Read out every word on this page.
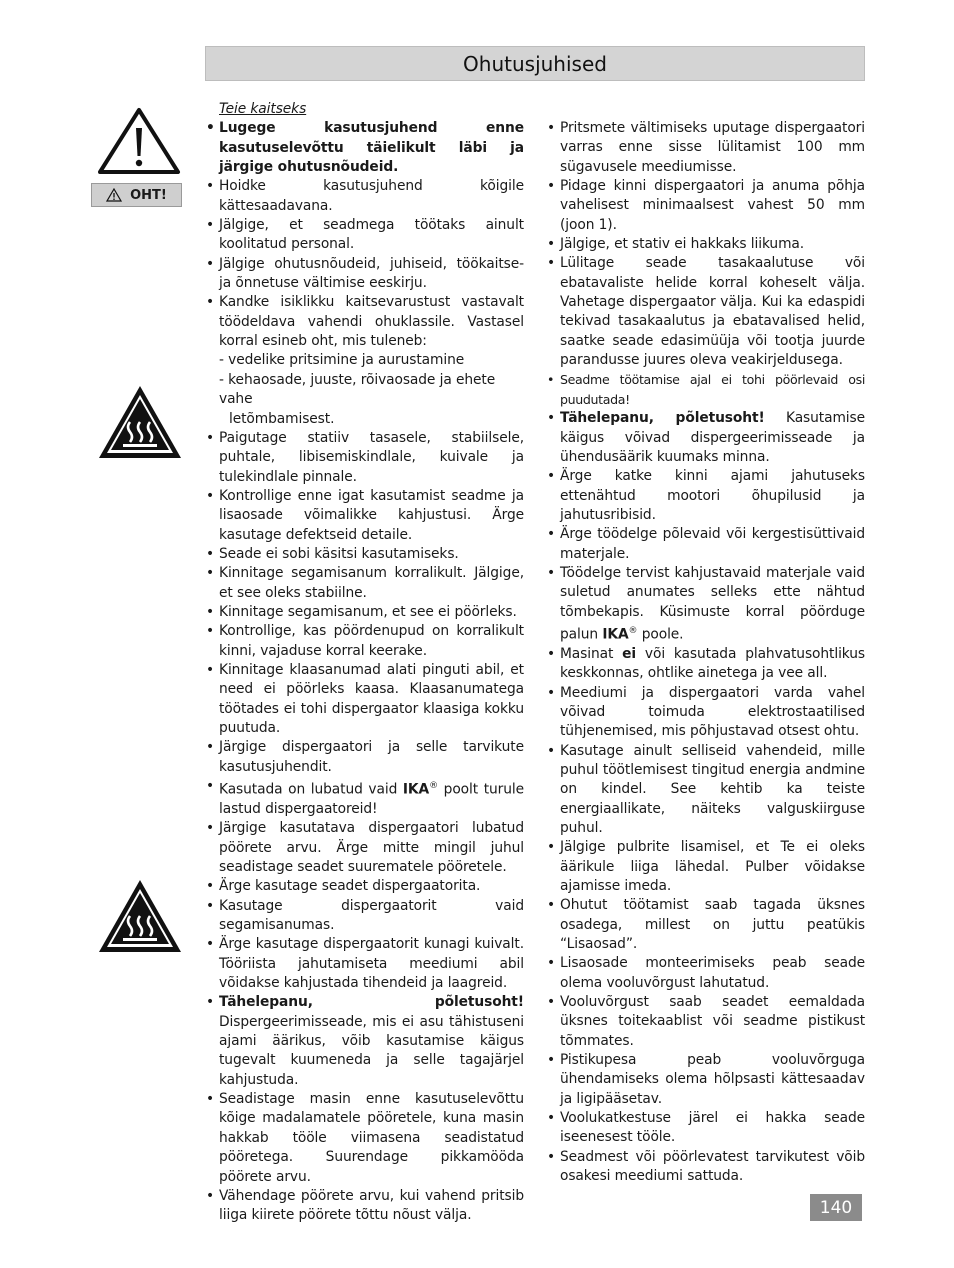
Ohutusjuhised
OHT!

Teie kaitseks

• Lugege kasutusjuhend enne kasutuselevõttu täielikult läbi ja järgige ohutusnõudeid.

• Hoidke kasutusjuhend kõigile kättesaadavana.

• Jälgige, et seadmega töötaks ainult koolitatud personal.

• Jälgige ohutusnõudeid, juhiseid, töökaitse- ja õnnetuse vältimise eeskirju.

• Kandke isiklikku kaitsevarustust vastavalt töödeldava vahendi ohuklassile. Vastasel korral esineb oht, mis tuleneb:

- vedelike pritsimine ja aurustamine

- kehaosade, juuste, rõivaosade ja ehete vahe

letõmbamisest.

• Paigutage statiiv tasasele, stabiilsele, puhtale, libisemiskindlale, kuivale ja tulekindlale pinnale.

• Kontrollige enne igat kasutamist seadme ja lisaosade võimalikke kahjustusi. Ärge kasutage defektseid detaile.

• Seade ei sobi käsitsi kasutamiseks.

• Kinnitage segamisanum korralikult. Jälgige, et see oleks stabiilne.

• Kinnitage segamisanum, et see ei pöörleks.

• Kontrollige, kas pöördenupud on korralikult kinni, vajaduse korral keerake.

• Kinnitage klaasanumad alati pinguti abil, et need ei pöörleks kaasa. Klaasanumatega töötades ei tohi dispergaator klaasiga kokku puutuda.

• Järgige dispergaatori ja selle tarvikute kasutusjuhendit.

• Kasutada on lubatud vaid IKA® poolt turule lastud dispergaatoreid!

• Järgige kasutatava dispergaatori lubatud pöörete arvu. Ärge mitte mingil juhul seadistage seadet suurematele pööretele.

• Ärge kasutage seadet dispergaatorita.

• Kasutage dispergaatorit vaid segamisanumas.

• Ärge kasutage dispergaatorit kunagi kuivalt. Tööriista jahutamiseta meediumi abil võidakse kahjustada tihendeid ja laagreid.

• Tähelepanu, põletusoht! Dispergeerimisseade, mis ei asu tähistuseni ajami äärikus, võib kasutamise käigus tugevalt kuumeneda ja selle tagajärjel kahjustuda.

• Seadistage masin enne kasutuselevõttu kõige madalamatele pööretele, kuna masin hakkab tööle viimasena seadistatud pööretega. Suurendage pikkamööda pöörete arvu.

• Vähendage pöörete arvu, kui vahend pritsib liiga kiirete pöörete tõttu nõust välja.

• Pritsmete vältimiseks uputage dispergaatori varras enne sisse lülitamist 100 mm sügavusele meediumisse.

• Pidage kinni dispergaatori ja anuma põhja vahelisest minimaalsest vahest 50 mm (joon 1).

• Jälgige, et stativ ei hakkaks liikuma.

• Lülitage seade tasakaalutuse või ebatavaliste helide korral koheselt välja. Vahetage dispergaator välja. Kui ka edaspidi tekivad tasakaalutus ja ebatavalised helid, saatke seade edasimüüja või tootja juurde parandusse juures oleva veakirjeldusega.

• Seadme töötamise ajal ei tohi pöörlevaid osi puudutada!

• Tähelepanu, põletusoht! Kasutamise käigus võivad dispergeerimisseade ja ühendusäärik kuumaks minna.

• Ärge katke kinni ajami jahutuseks ettenähtud mootori õhupilusid ja jahutusribisid.

• Ärge töödelge põlevaid või kergestisüttivaid materjale.

• Töödelge tervist kahjustavaid materjale vaid suletud anumates selleks ette nähtud tõmbekapis. Küsimuste korral pöörduge palun IKA® poole.

• Masinat ei või kasutada plahvatusohtlikus keskkonnas, ohtlike ainetega ja vee all.

• Meediumi ja dispergaatori varda vahel võivad toimuda elektrostaatilised tühjenemised, mis põhjustavad otsest ohtu.

• Kasutage ainult selliseid vahendeid, mille puhul töötlemisest tingitud energia andmine on kindel. See kehtib ka teiste energiaallikate, näiteks valguskiirguse puhul.

• Jälgige pulbrite lisamisel, et Te ei oleks äärikule liiga lähedal. Pulber võidakse ajamisse imeda.

• Ohutut töötamist saab tagada üksnes osadega, millest on juttu peatükis “Lisaosad”.

• Lisaosade monteerimiseks peab seade olema vooluvõrgust lahutatud.

• Vooluvõrgust saab seadet eemaldada üksnes toitekaablist või seadme pistikust tõmmates.

• Pistikupesa peab vooluvõrguga ühendamiseks olema hõlpsasti kättesaadav ja ligipääsetav.

• Voolukatkestuse järel ei hakka seade iseenesest tööle.

• Seadmest või pöörlevatest tarvikutest võib osakesi meediumi sattuda.

140
